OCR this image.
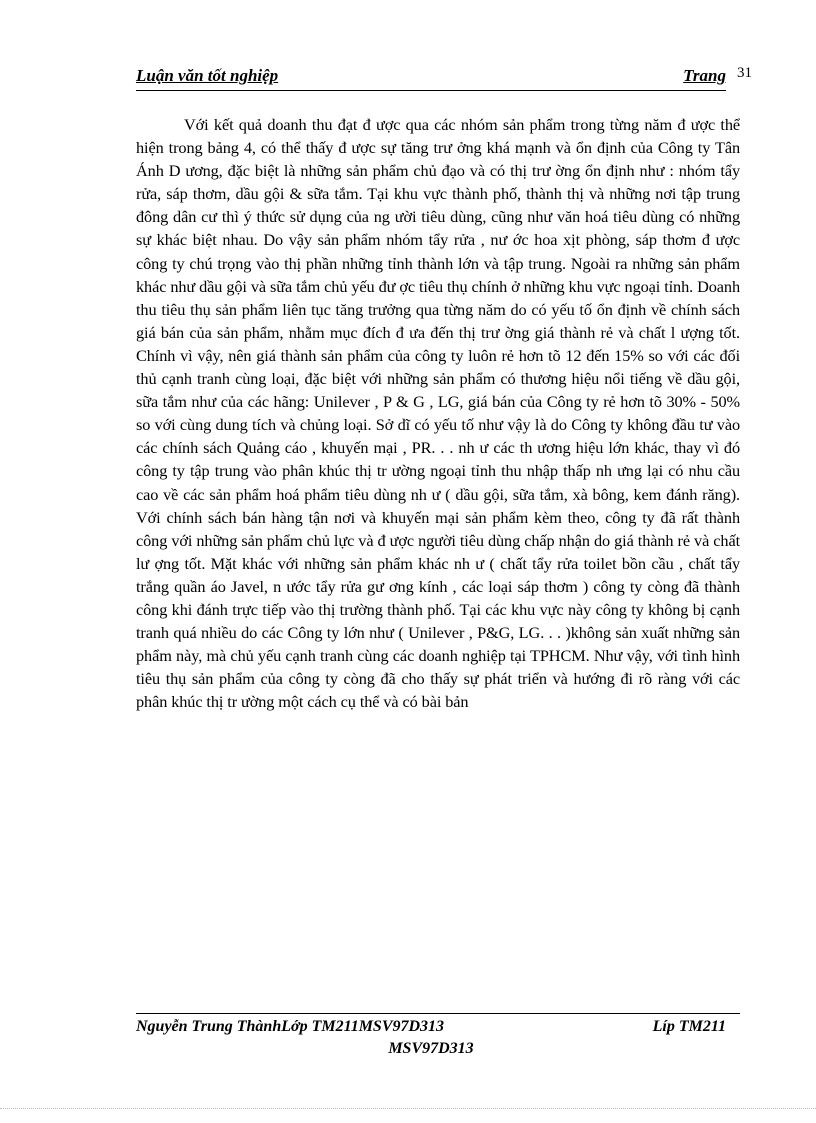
Luận văn tốt nghiệp	Trang 31

Với kết quả doanh thu đạt đ ược qua các nhóm sản phẩm trong từng năm đ ược thể hiện trong bảng 4, có thể thấy đ ược sự tăng trư ởng khá mạnh và ổn định của Công ty Tân Ánh D ương, đặc biệt là những sản phẩm chủ đạo và có thị trư ờng ổn định như : nhóm tẩy rửa, sáp thơm, dầu gội & sữa tắm. Tại khu vực thành phố, thành thị và những nơi tập trung đông dân cư thì ý thức sử dụng của ng ười tiêu dùng, cũng như văn hoá tiêu dùng có những sự khác biệt nhau. Do vậy sản phẩm nhóm tẩy rửa , nư ớc hoa xịt phòng, sáp thơm đ ược công ty chú trọng vào thị phần những tỉnh thành lớn và tập trung. Ngoài ra những sản phẩm khác như dầu gội và sữa tắm chủ yếu đư ợc tiêu thụ chính ở những khu vực ngoại tỉnh. Doanh thu tiêu thụ sản phẩm liên tục tăng trưởng qua từng năm do có yếu tố ổn định về chính sách giá bán của sản phẩm, nhằm mục đích đ ưa đến thị trư ờng giá thành rẻ và chất l ượng tốt. Chính vì vậy, nên giá thành sản phẩm của công ty luôn rẻ hơn tõ 12 đến 15% so với các đối thủ cạnh tranh cùng loại, đặc biệt với những sản phẩm có thương hiệu nổi tiếng về dầu gội, sữa tắm như của các hãng: Unilever , P & G , LG, giá bán của Công ty rẻ hơn tõ 30% - 50% so với cùng dung tích và chủng loại. Sở dĩ có yếu tố như vậy là do Công ty không đầu tư vào các chính sách Quảng cáo , khuyến mại , PR. . . nh ư các th ương hiệu lớn khác, thay vì đó công ty tập trung vào phân khúc thị tr ường ngoại tỉnh thu nhập thấp nh ưng lại có nhu cầu cao về các sản phẩm hoá phẩm tiêu dùng nh ư ( dầu gội, sữa tắm, xà bông, kem đánh răng). Với chính sách bán hàng tận nơi và khuyến mại sản phẩm kèm theo, công ty đã rất thành công với những sản phẩm chủ lực và đ ược người tiêu dùng chấp nhận do giá thành rẻ và chất lư ợng tốt. Mặt khác với những sản phẩm khác nh ư ( chất tẩy rửa toilet bồn cầu , chất tẩy trắng quần áo Javel, n ước tẩy rửa gư ơng kính , các loại sáp thơm ) công ty còng đã thành công khi đánh trực tiếp vào thị trường thành phố. Tại các khu vực này công ty không bị cạnh tranh quá nhiều do các Công ty lớn như ( Unilever , P&G, LG. . . )không sản xuất những sản phẩm này, mà chủ yếu cạnh tranh cùng các doanh nghiệp tại TPHCM. Như vậy, với tình hình tiêu thụ sản phẩm của công ty còng đã cho thấy sự phát triển và hướng đi rõ ràng với các phân khúc thị tr ường một cách cụ thể và có bài bản

Nguyễn Trung ThànhLớp TM211MSV97D313	Líp TM211
MSV97D313
